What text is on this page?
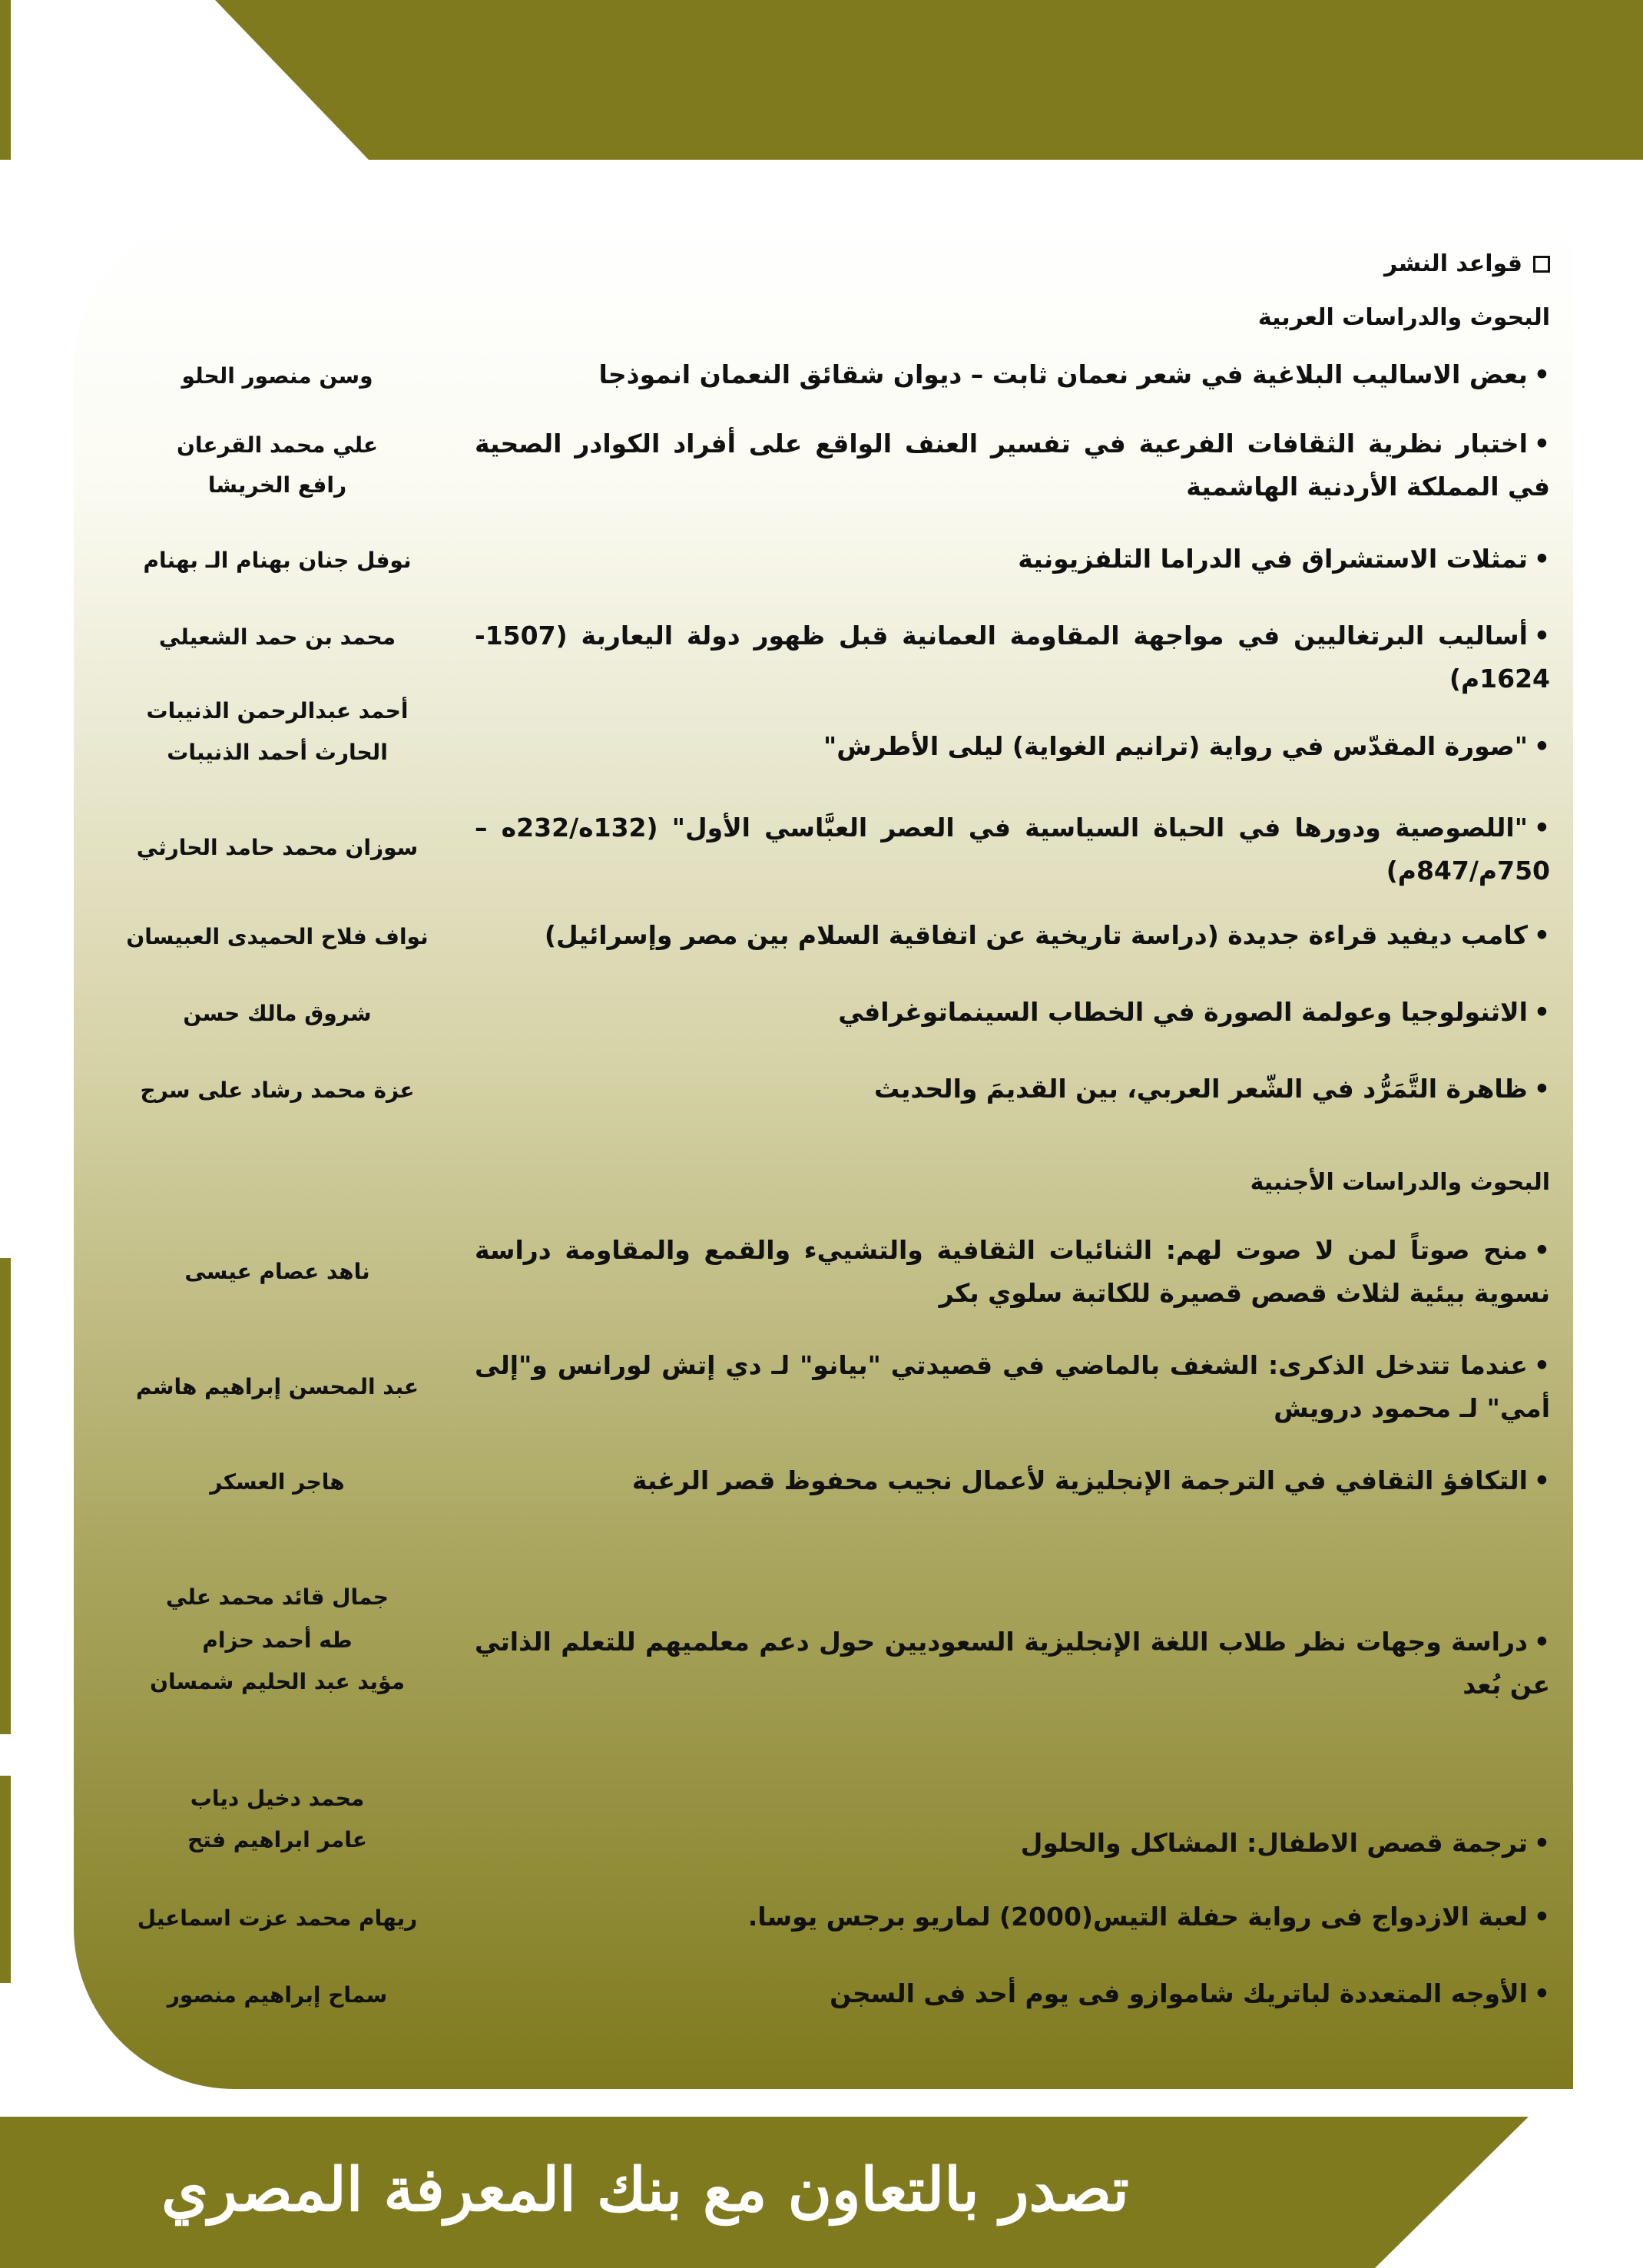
قواعد النشر
البحوث والدراسات العربية
• بعض الاساليب البلاغية في شعر نعمان ثابت – ديوان شقائق النعمان انموذجا
وسن منصور الحلو
• اختبار نظرية الثقافات الفرعية في تفسير العنف الواقع على أفراد الكوادر الصحية في المملكة الأردنية الهاشمية
علي محمد القرعان
رافع الخريشا
• تمثلات الاستشراق في الدراما التلفزيونية
نوفل جنان بهنام الـ بهنام
• أساليب البرتغاليين في مواجهة المقاومة العمانية قبل ظهور دولة اليعاربة (1507- 1624م)
محمد بن حمد الشعيلي
• "صورة المقدّس في رواية (ترانيم الغواية) ليلى الأطرش"
أحمد عبدالرحمن الذنيبات
الحارث أحمد الذنيبات
• "اللصوصية ودورها في الحياة السياسية في العصر العبَّاسي الأول" (132ه/232ه – 750م/847م)
سوزان محمد حامد الحارثي
• كامب ديفيد قراءة جديدة (دراسة تاريخية عن اتفاقية السلام بين مصر وإسرائيل)
نواف فلاح الحميدى العبيسان
• الاثنولوجيا وعولمة الصورة في الخطاب السينماتوغرافي
شروق مالك حسن
• ظاهرة التَّمَرُّد في الشّعر العربي، بين القديمَ والحديث
عزة محمد رشاد على سرج
البحوث والدراسات الأجنبية
• منح صوتاً لمن لا صوت لهم: الثنائيات الثقافية والتشييء والقمع والمقاومة دراسة نسوية بيئية لثلاث قصص قصيرة للكاتبة سلوي بكر
ناهد عصام عيسى
• عندما تتدخل الذكرى: الشغف بالماضي في قصيدتي "بيانو" لـ دي إتش لورانس و"إلى أمي" لـ محمود درويش
عبد المحسن إبراهيم هاشم
• التكافؤ الثقافي في الترجمة الإنجليزية لأعمال نجيب محفوظ قصر الرغبة
هاجر العسكر
• دراسة وجهات نظر طلاب اللغة الإنجليزية السعوديين حول دعم معلميهم للتعلم الذاتي عن بُعد
جمال قائد محمد علي
طه أحمد حزام
مؤيد عبد الحليم شمسان
• ترجمة قصص الاطفال: المشاكل والحلول
محمد دخيل دياب
عامر ابراهيم فتح
• لعبة الازدواج فى رواية حفلة التيس(2000) لماريو برجس يوسا.
ريهام محمد عزت اسماعيل
• الأوجه المتعددة لباتريك شاموازو فى يوم أحد فى السجن
سماح إبراهيم منصور
تصدر بالتعاون مع بنك المعرفة المصري
